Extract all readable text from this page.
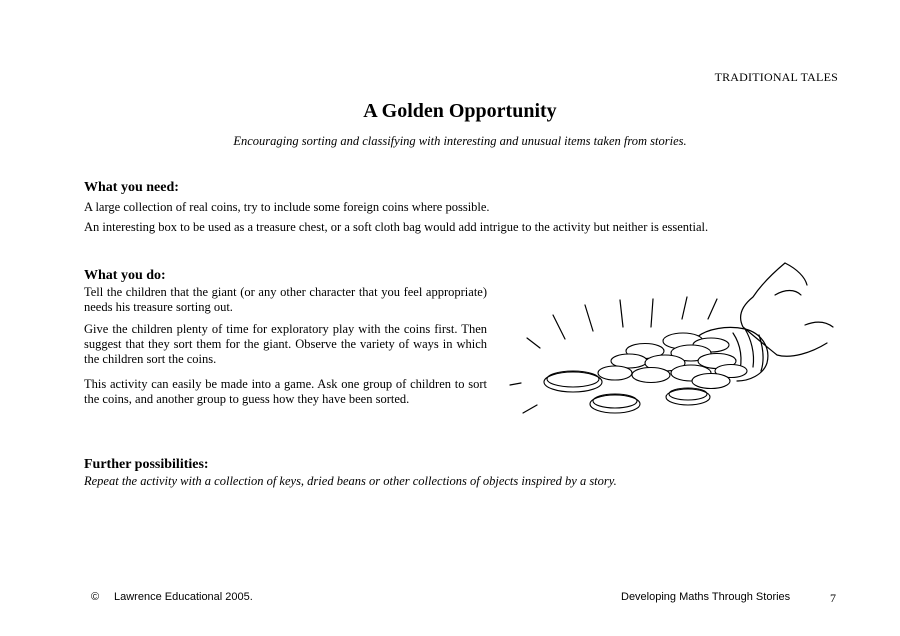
TRADITIONAL TALES
A Golden Opportunity
Encouraging sorting and classifying with interesting and unusual items taken from stories.
What you need:
A large collection of real coins, try to include some foreign coins where possible.
An interesting box to be used as a treasure chest, or a soft cloth bag would add intrigue to the activity but neither is essential.
What you do:
Tell the children that the giant (or any other character that you feel appropriate) needs his treasure sorting out.
Give the children plenty of time for exploratory play with the coins first. Then suggest that they sort them for the giant. Observe the variety of ways in which the children sort the coins.
This activity can easily be made into a game. Ask one group of children to sort the coins, and another group to guess how they have been sorted.
Further possibilities:
Repeat the activity with a collection of keys, dried beans or other collections of objects inspired by a story.
© Lawrence Educational 2005.	Developing Maths Through Stories	7
